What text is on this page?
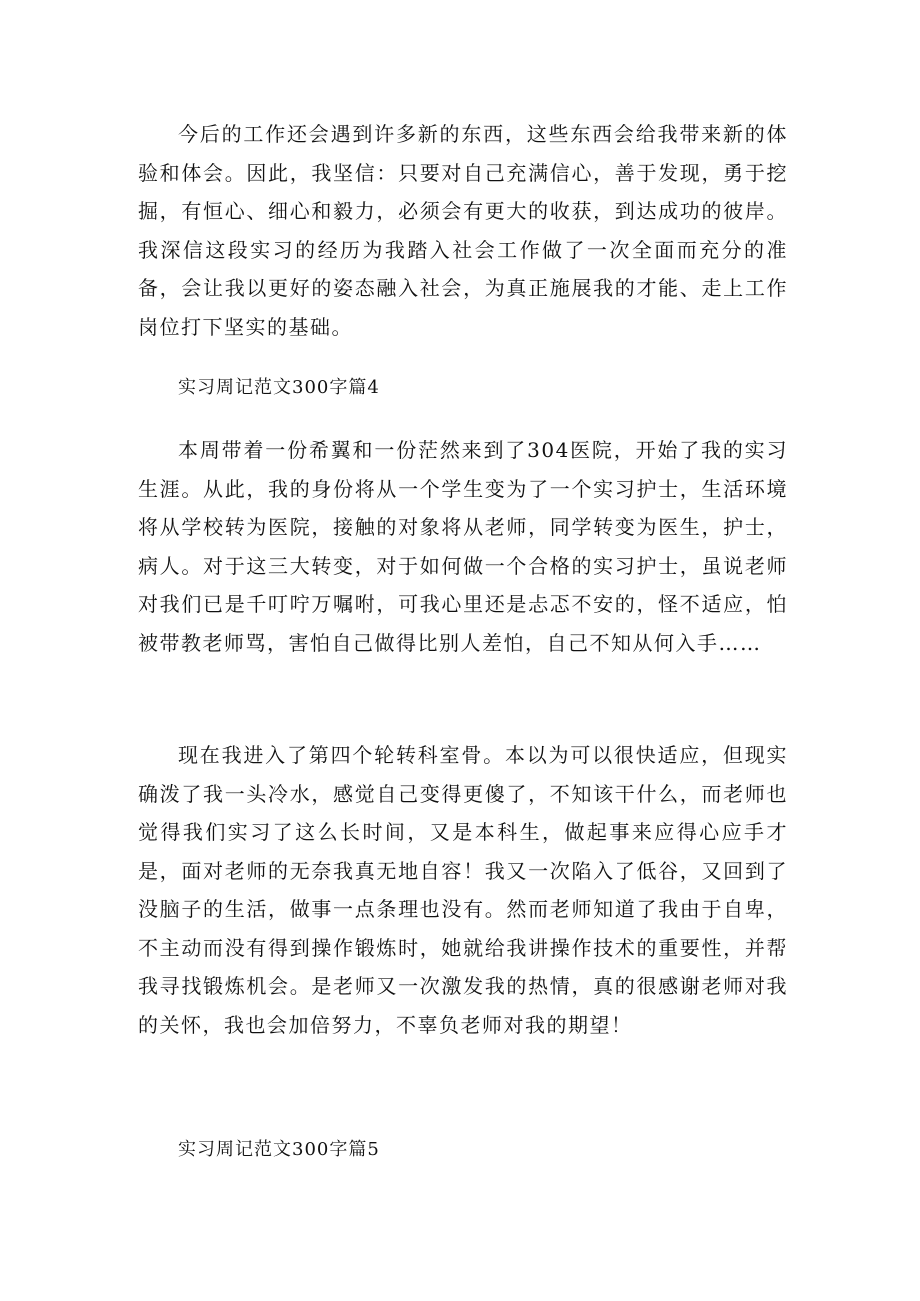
今后的工作还会遇到许多新的东西，这些东西会给我带来新的体验和体会。因此，我坚信：只要对自己充满信心，善于发现，勇于挖掘，有恒心、细心和毅力，必须会有更大的收获，到达成功的彼岸。我深信这段实习的经历为我踏入社会工作做了一次全面而充分的准备，会让我以更好的姿态融入社会，为真正施展我的才能、走上工作岗位打下坚实的基础。

实习周记范文300字篇4

本周带着一份希翼和一份茫然来到了304医院，开始了我的实习生涯。从此，我的身份将从一个学生变为了一个实习护士，生活环境将从学校转为医院，接触的对象将从老师，同学转变为医生，护士，病人。对于这三大转变，对于如何做一个合格的实习护士，虽说老师对我们已是千叮咛万嘱咐，可我心里还是忐忑不安的，怪不适应，怕被带教老师骂，害怕自己做得比别人差怕，自己不知从何入手……

现在我进入了第四个轮转科室骨。本以为可以很快适应，但现实确泼了我一头冷水，感觉自己变得更傻了，不知该干什么，而老师也觉得我们实习了这么长时间，又是本科生，做起事来应得心应手才是，面对老师的无奈我真无地自容！我又一次陷入了低谷，又回到了没脑子的生活，做事一点条理也没有。然而老师知道了我由于自卑，不主动而没有得到操作锻炼时，她就给我讲操作技术的重要性，并帮我寻找锻炼机会。是老师又一次激发我的热情，真的很感谢老师对我的关怀，我也会加倍努力，不辜负老师对我的期望！

实习周记范文300字篇5
